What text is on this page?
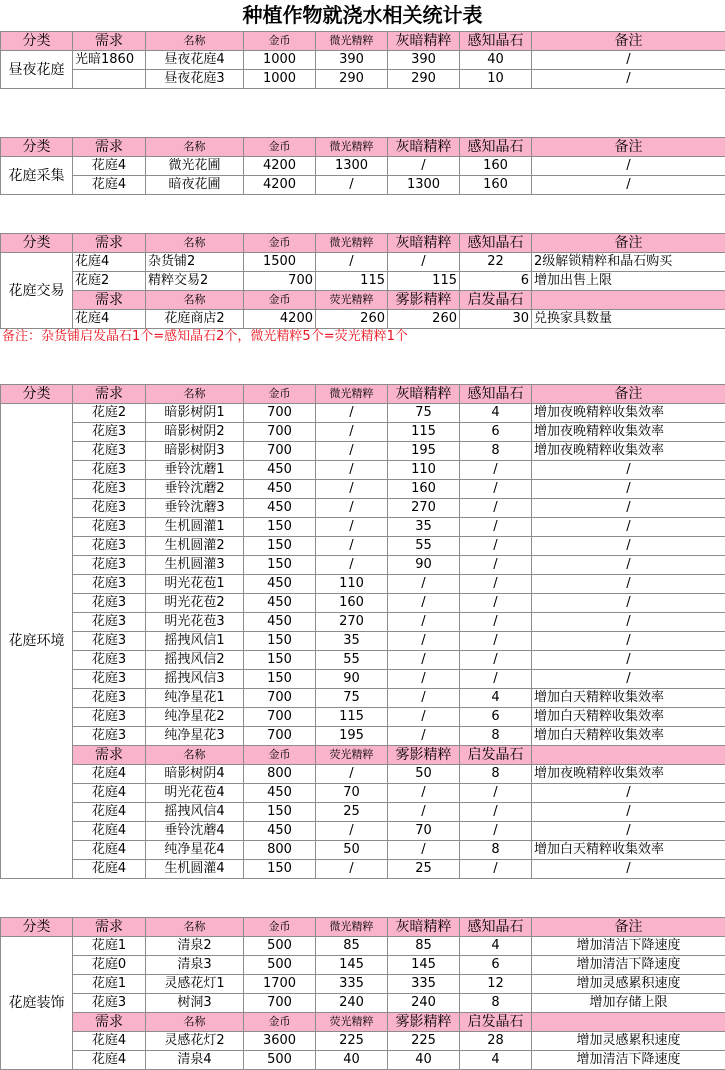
种植作物就浇水相关统计表
分类	需求	名称	金币	微光精粹	灰暗精粹	感知晶石	备注
昼夜花庭	光暗1860	昼夜花庭4	1000	390	390	40	/
		昼夜花庭3	1000	290	290	10	/
分类	需求	名称	金币	微光精粹	灰暗精粹	感知晶石	备注
花庭采集	花庭4	微光花圃	4200	1300	/	160	/
	花庭4	暗夜花圃	4200	/	1300	160	/
分类	需求	名称	金币	微光精粹	灰暗精粹	感知晶石	备注
花庭交易	花庭4	杂货铺2	1500	/	/	22	2级解锁精粹和晶石购买
	花庭2	精粹交易2	700	115	115	6	增加出售上限
	需求	名称	金币	荧光精粹	雾影精粹	启发晶石	
	花庭4	花庭商店2	4200	260	260	30	兑换家具数量
备注：杂货铺启发晶石1个=感知晶石2个，微光精粹5个=荧光精粹1个
分类	需求	名称	金币	微光精粹	灰暗精粹	感知晶石	备注
花庭环境	花庭2	暗影树阴1	700	/	75	4	增加夜晚精粹收集效率
	花庭3	暗影树阴2	700	/	115	6	增加夜晚精粹收集效率
	花庭3	暗影树阴3	700	/	195	8	增加夜晚精粹收集效率
	花庭3	垂铃沈蘑1	450	/	110	/	/
	花庭3	垂铃沈蘑2	450	/	160	/	/
	花庭3	垂铃沈蘑3	450	/	270	/	/
	花庭3	生机圆灌1	150	/	35	/	/
	花庭3	生机圆灌2	150	/	55	/	/
	花庭3	生机圆灌3	150	/	90	/	/
	花庭3	明光花苞1	450	110	/	/	/
	花庭3	明光花苞2	450	160	/	/	/
	花庭3	明光花苞3	450	270	/	/	/
	花庭3	摇拽风信1	150	35	/	/	/
	花庭3	摇拽风信2	150	55	/	/	/
	花庭3	摇拽风信3	150	90	/	/	/
	花庭3	纯净星花1	700	75	/	4	增加白天精粹收集效率
	花庭3	纯净星花2	700	115	/	6	增加白天精粹收集效率
	花庭3	纯净星花3	700	195	/	8	增加白天精粹收集效率
	需求	名称	金币	荧光精粹	雾影精粹	启发晶石	
	花庭4	暗影树阴4	800	/	50	8	增加夜晚精粹收集效率
	花庭4	明光花苞4	450	70	/	/	/
	花庭4	摇拽风信4	150	25	/	/	/
	花庭4	垂铃沈蘑4	450	/	70	/	/
	花庭4	纯净星花4	800	50	/	8	增加白天精粹收集效率
	花庭4	生机圆灌4	150	/	25	/	/
分类	需求	名称	金币	微光精粹	灰暗精粹	感知晶石	备注
花庭装饰	花庭1	清泉2	500	85	85	4	增加清洁下降速度
	花庭0	清泉3	500	145	145	6	增加清洁下降速度
	花庭1	灵感花灯1	1700	335	335	12	增加灵感累积速度
	花庭3	树洞3	700	240	240	8	增加存储上限
	需求	名称	金币	荧光精粹	雾影精粹	启发晶石	
	花庭4	灵感花灯2	3600	225	225	28	增加灵感累积速度
	花庭4	清泉4	500	40	40	4	增加清洁下降速度
